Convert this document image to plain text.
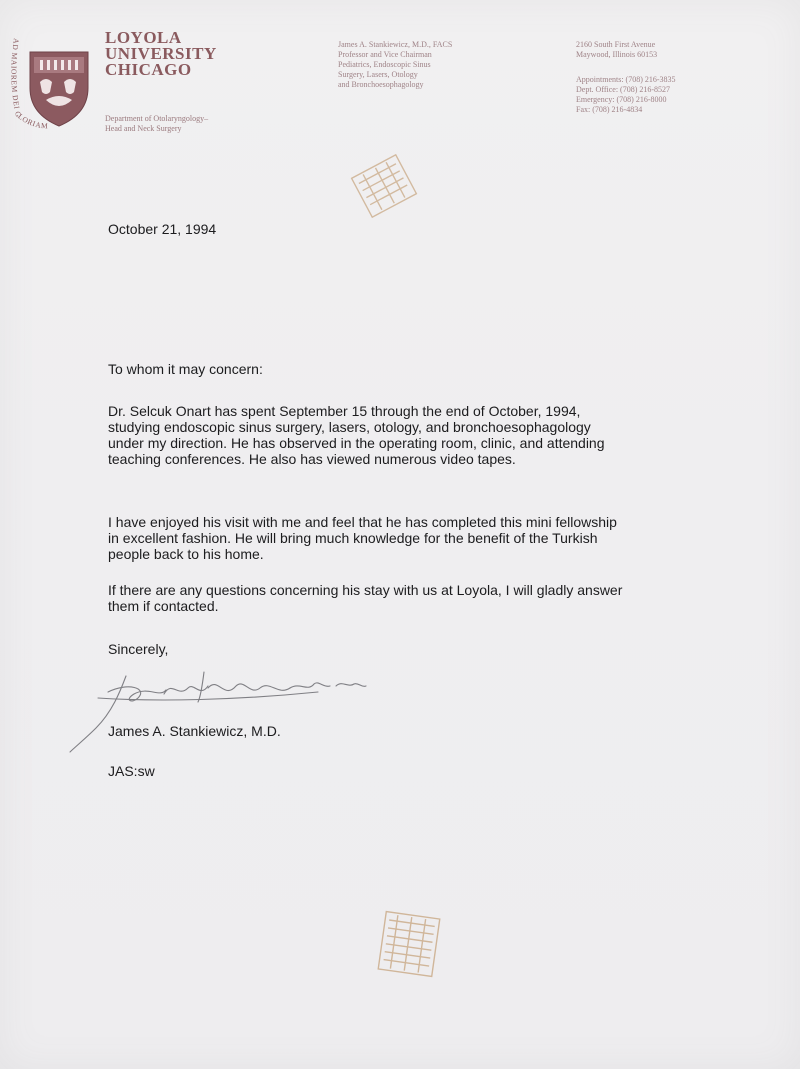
AD MAIOREM DEI GLORIAM
LOYOLA
UNIVERSITY
CHICAGO
Department of Otolaryngology–
Head and Neck Surgery
James A. Stankiewicz, M.D., FACS
Professor and Vice Chairman
Pediatrics, Endoscopic Sinus
Surgery, Lasers, Otology
and Bronchoesophagology
2160 South First Avenue
Maywood, Illinois 60153
Appointments: (708) 216-3835
Dept. Office: (708) 216-8527
Emergency: (708) 216-8000
Fax: (708) 216-4834

October 21, 1994

To whom it may concern:

Dr. Selcuk Onart has spent September 15 through the end of October, 1994,
studying endoscopic sinus surgery, lasers, otology, and bronchoesophagology
under my direction. He has observed in the operating room, clinic, and attending
teaching conferences. He also has viewed numerous video tapes.
I have enjoyed his visit with me and feel that he has completed this mini fellowship
in excellent fashion. He will bring much knowledge for the benefit of the Turkish
people back to his home.
If there are any questions concerning his stay with us at Loyola, I will gladly answer
them if contacted.

Sincerely,

James A. Stankiewicz, M.D.

JAS:sw
